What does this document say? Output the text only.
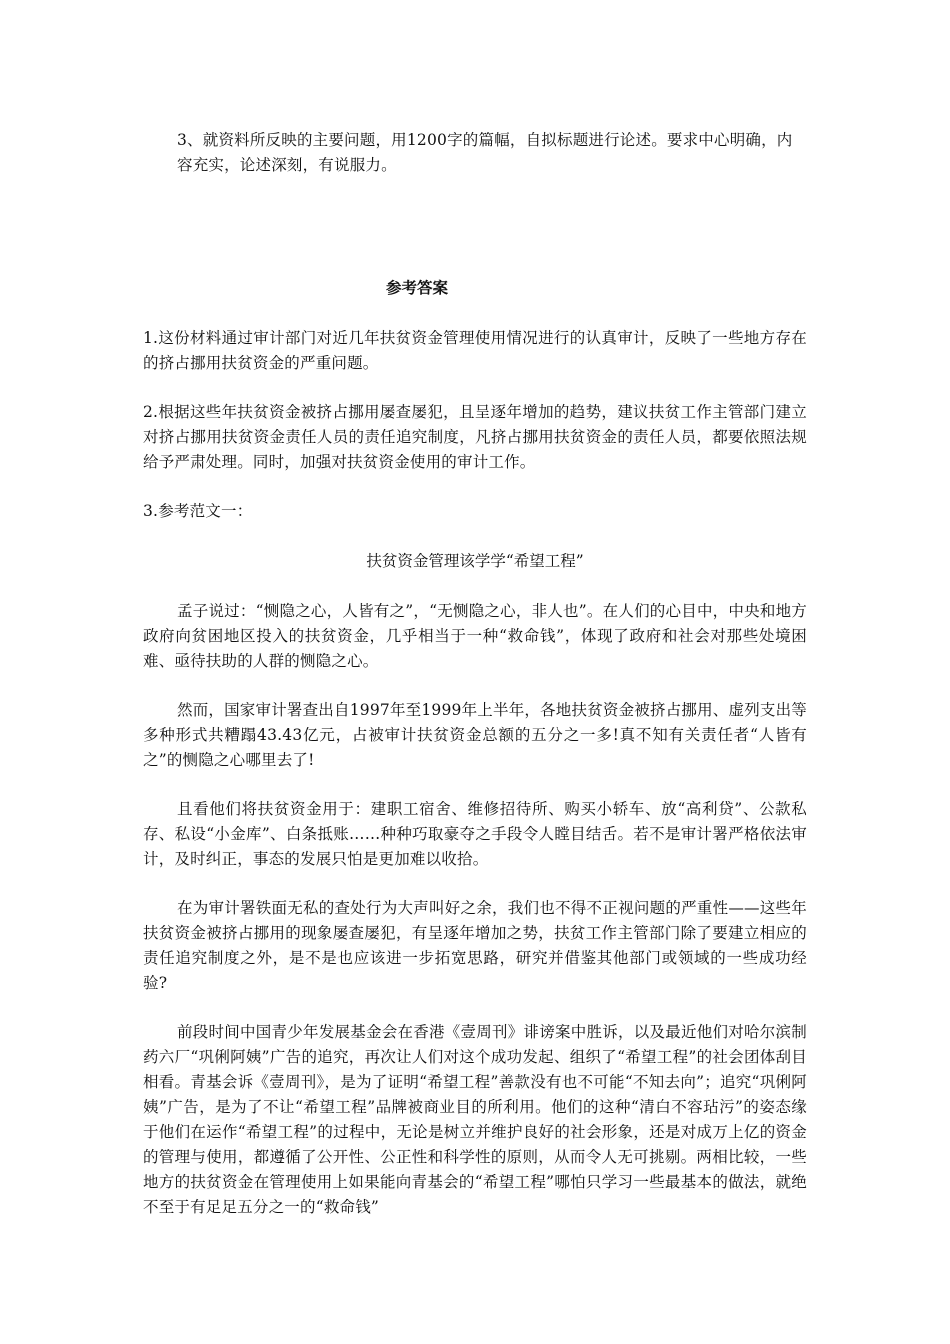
3、就资料所反映的主要问题，用1200字的篇幅，自拟标题进行论述。要求中心明确，内

容充实，论述深刻，有说服力。

参考答案

1.这份材料通过审计部门对近几年扶贫资金管理使用情况进行的认真审计，反映了一些地方存在的挤占挪用扶贫资金的严重问题。

2.根据这些年扶贫资金被挤占挪用屡查屡犯，且呈逐年增加的趋势，建议扶贫工作主管部门建立对挤占挪用扶贫资金责任人员的责任追究制度，凡挤占挪用扶贫资金的责任人员，都要依照法规给予严肃处理。同时，加强对扶贫资金使用的审计工作。

3.参考范文一：

扶贫资金管理该学学“希望工程”

孟子说过：“恻隐之心，人皆有之”，“无恻隐之心，非人也”。在人们的心目中，中央和地方政府向贫困地区投入的扶贫资金，几乎相当于一种“救命钱”，体现了政府和社会对那些处境困难、亟待扶助的人群的恻隐之心。

然而，国家审计署查出自1997年至1999年上半年，各地扶贫资金被挤占挪用、虚列支出等多种形式共糟蹋43.43亿元，占被审计扶贫资金总额的五分之一多!真不知有关责任者“人皆有之”的恻隐之心哪里去了!

且看他们将扶贫资金用于：建职工宿舍、维修招待所、购买小轿车、放“高利贷”、公款私存、私设“小金库”、白条抵账……种种巧取豪夺之手段令人瞠目结舌。若不是审计署严格依法审计，及时纠正，事态的发展只怕是更加难以收拾。

在为审计署铁面无私的查处行为大声叫好之余，我们也不得不正视问题的严重性——这些年扶贫资金被挤占挪用的现象屡查屡犯，有呈逐年增加之势，扶贫工作主管部门除了要建立相应的责任追究制度之外，是不是也应该进一步拓宽思路，研究并借鉴其他部门或领域的一些成功经验?

前段时间中国青少年发展基金会在香港《壹周刊》诽谤案中胜诉，以及最近他们对哈尔滨制药六厂“巩俐阿姨”广告的追究，再次让人们对这个成功发起、组织了“希望工程”的社会团体刮目相看。青基会诉《壹周刊》，是为了证明“希望工程”善款没有也不可能“不知去向”；追究“巩俐阿姨”广告，是为了不让“希望工程”品牌被商业目的所利用。他们的这种“清白不容玷污”的姿态缘于他们在运作“希望工程”的过程中，无论是树立并维护良好的社会形象，还是对成万上亿的资金的管理与使用，都遵循了公开性、公正性和科学性的原则，从而令人无可挑剔。两相比较，一些地方的扶贫资金在管理使用上如果能向青基会的“希望工程”哪怕只学习一些最基本的做法，就绝不至于有足足五分之一的“救命钱”
